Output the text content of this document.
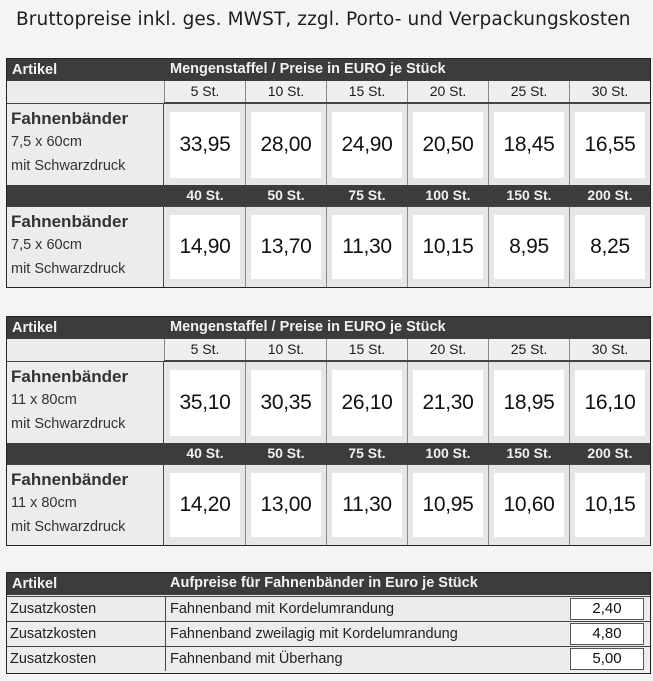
Bruttopreise inkl. ges. MWST, zzgl. Porto- und Verpackungskosten
Artikel	Mengenstaffel / Preise in EURO je Stück
5 St.	10 St.	15 St.	20 St.	25 St.	30 St.
Fahnenbänder
7,5 x 60cm
mit Schwarzdruck
33,95	28,00	24,90	20,50	18,45	16,55
40 St.	50 St.	75 St.	100 St.	150 St.	200 St.
Fahnenbänder
7,5 x 60cm
mit Schwarzdruck
14,90	13,70	11,30	10,15	8,95	8,25
Artikel	Mengenstaffel / Preise in EURO je Stück
5 St.	10 St.	15 St.	20 St.	25 St.	30 St.
Fahnenbänder
11 x 80cm
mit Schwarzdruck
35,10	30,35	26,10	21,30	18,95	16,10
40 St.	50 St.	75 St.	100 St.	150 St.	200 St.
Fahnenbänder
11 x 80cm
mit Schwarzdruck
14,20	13,00	11,30	10,95	10,60	10,15
Artikel	Aufpreise für Fahnenbänder in Euro je Stück
Zusatzkosten	Fahnenband mit Kordelumrandung	2,40
Zusatzkosten	Fahnenband zweilagig mit Kordelumrandung	4,80
Zusatzkosten	Fahnenband mit Überhang	5,00
